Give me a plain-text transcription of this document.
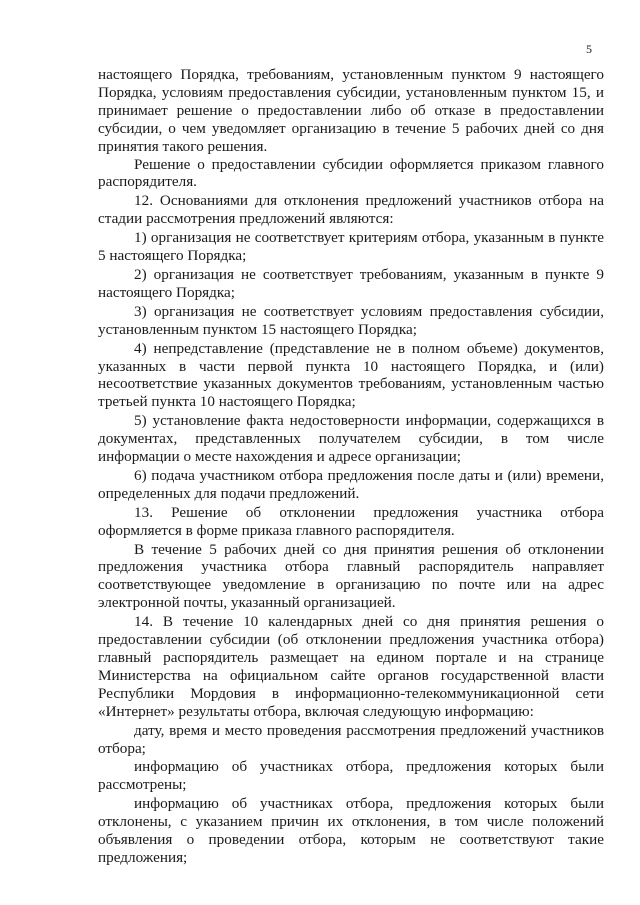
5

настоящего Порядка, требованиям, установленным пунктом 9 настоящего Порядка, условиям предоставления субсидии, установленным пунктом 15, и принимает решение о предоставлении либо об отказе в предоставлении субсидии, о чем уведомляет организацию в течение 5 рабочих дней со дня принятия такого решения.

Решение о предоставлении субсидии оформляется приказом главного распорядителя.

12. Основаниями для отклонения предложений участников отбора на стадии рассмотрения предложений являются:

1) организация не соответствует критериям отбора, указанным в пункте 5 настоящего Порядка;

2) организация не соответствует требованиям, указанным в пункте 9 настоящего Порядка;

3) организация не соответствует условиям предоставления субсидии, установленным пунктом 15 настоящего Порядка;

4) непредставление (представление не в полном объеме) документов, указанных в части первой пункта 10 настоящего Порядка, и (или) несоответствие указанных документов требованиям, установленным частью третьей пункта 10 настоящего Порядка;

5) установление факта недостоверности информации, содержащихся в документах, представленных получателем субсидии, в том числе информации о месте нахождения и адресе организации;

6) подача участником отбора предложения после даты и (или) времени, определенных для подачи предложений.

13. Решение об отклонении предложения участника отбора оформляется в форме приказа главного распорядителя.

В течение 5 рабочих дней со дня принятия решения об отклонении предложения участника отбора главный распорядитель направляет соответствующее уведомление в организацию по почте или на адрес электронной почты, указанный организацией.

14. В течение 10 календарных дней со дня принятия решения о предоставлении субсидии (об отклонении предложения участника отбора) главный распорядитель размещает на едином портале и на странице Министерства на официальном сайте органов государственной власти Республики Мордовия в информационно-телекоммуникационной сети «Интернет» результаты отбора, включая следующую информацию:

дату, время и место проведения рассмотрения предложений участников отбора;

информацию об участниках отбора, предложения которых были рассмотрены;

информацию об участниках отбора, предложения которых были отклонены, с указанием причин их отклонения, в том числе положений объявления о проведении отбора, которым не соответствуют такие предложения;
